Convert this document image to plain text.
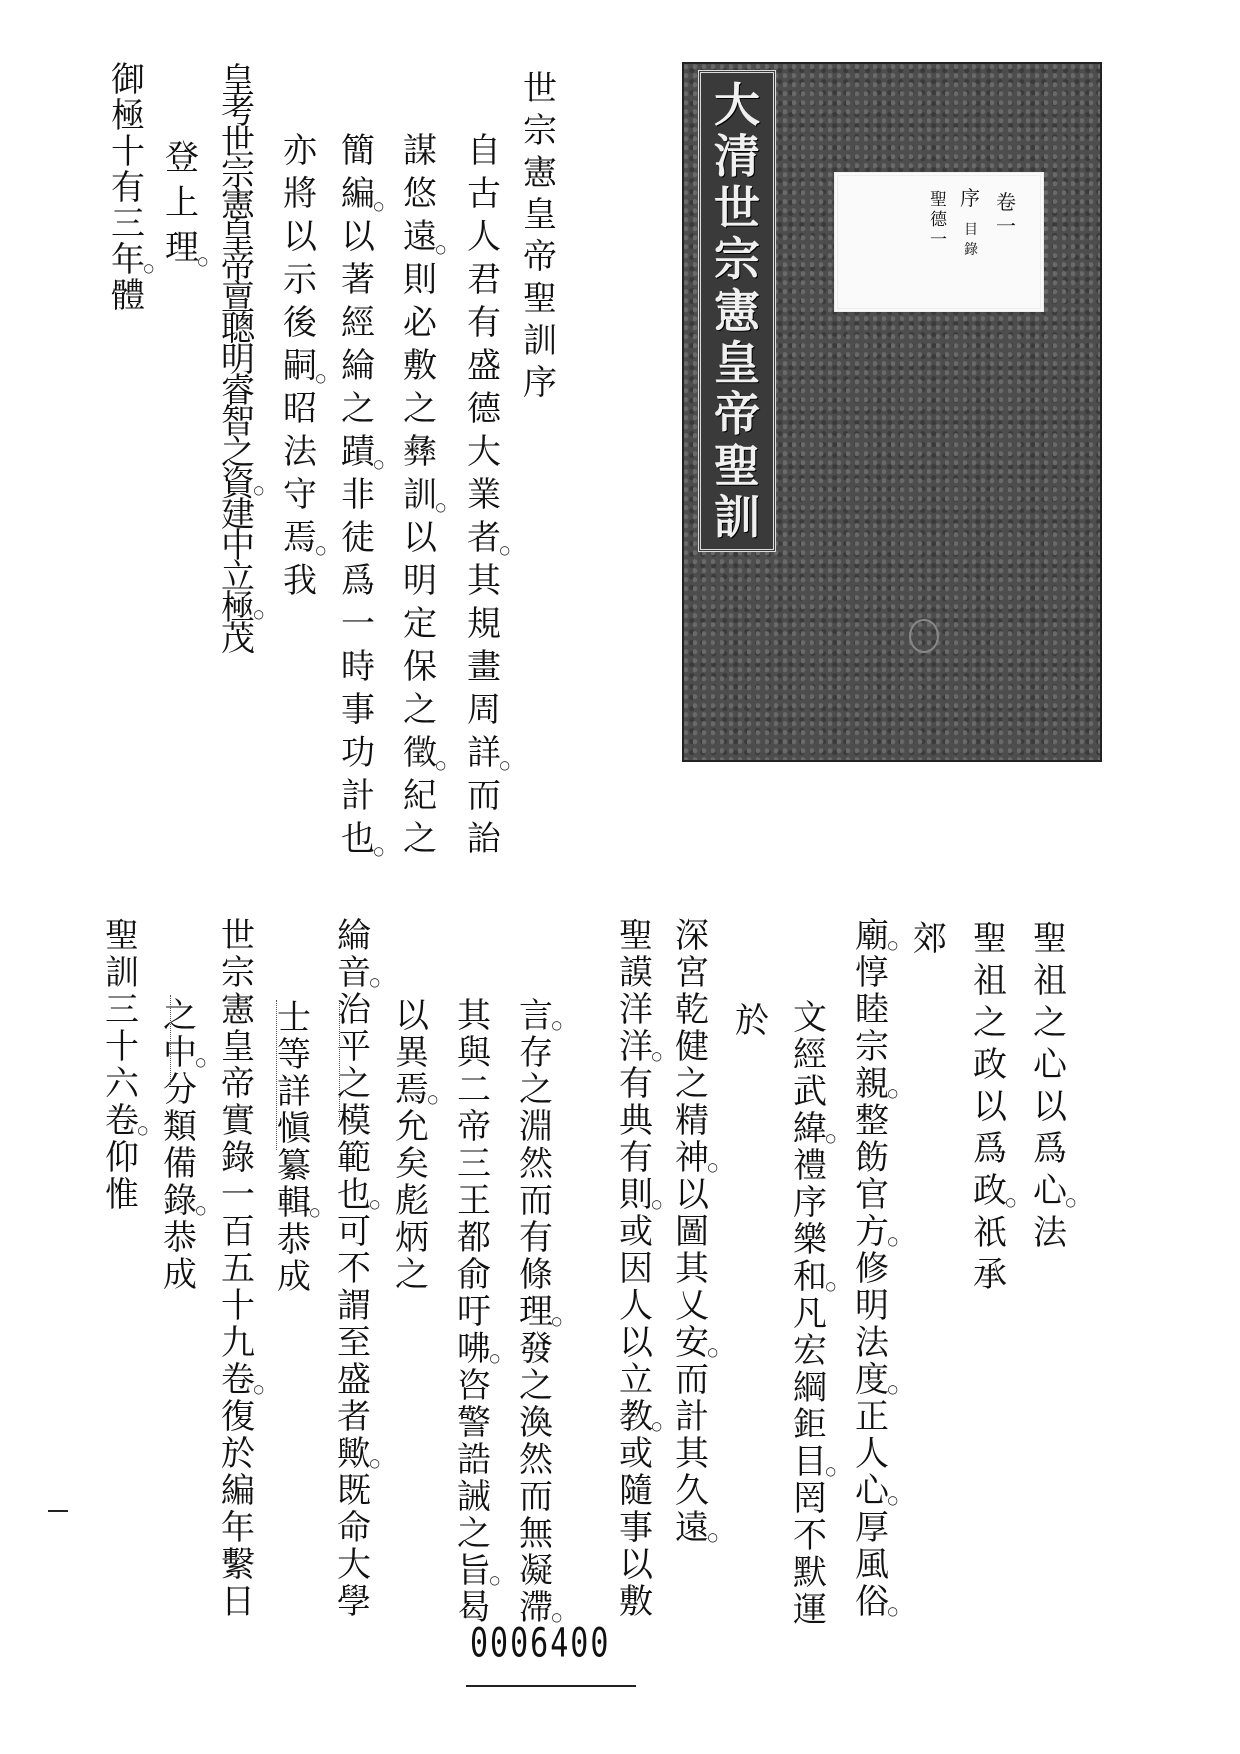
大
清
世
宗
憲
皇
帝
聖
訓
卷
一
序
目
錄
聖
德
一
世
宗
憲
皇
帝
聖
訓
序
自
古
人
君
有
盛
德
大
業
者
○
其
規
畫
周
詳
○
而
詒
謀
悠
遠
○
則
必
敷
之
彝
訓
○
以
明
定
保
之
徵
○
紀
之
簡
編
○
以
著
經
綸
之
蹟
○
非
徒
爲
一
時
事
功
計
也
○
亦
將
以
示
後
嗣
○
昭
法
守
焉
○
我
皇
考
世
宗
憲
皇
帝
亶
聰
明
睿
智
之
資
○
建
中
立
極
○
茂
登
上
理
○
御
極
十
有
三
年
○
體
聖
祖
之
心
以
爲
心
○
法
聖
祖
之
政
以
爲
政
○
祇
承
郊
廟
○
惇
睦
宗
親
○
整
飭
官
方
○
修
明
法
度
○
正
人
心
○
厚
風
俗
○
文
經
武
緯
○
禮
序
樂
和
○
凡
宏
綱
鉅
目
○
罔
不
默
運
於
深
宮
乾
健
之
精
神
○
以
圖
其
乂
安
○
而
計
其
久
遠
○
聖
謨
洋
洋
○
有
典
有
則
○
或
因
人
以
立
教
○
或
隨
事
以
敷
言
○
存
之
淵
然
而
有
條
理
○
發
之
渙
然
而
無
凝
滯
○
其
與
二
帝
三
王
都
俞
吁
咈
○
咨
警
誥
誡
之
旨
○
曷
以
異
焉
○
允
矣
彪
炳
之
綸
音
○
治
平
之
模
範
也
○
可
不
謂
至
盛
者
歟
○
既
命
大
學
士
等
詳
愼
纂
輯
○
恭
成
世
宗
憲
皇
帝
實
錄
一
百
五
十
九
卷
○
復
於
編
年
繫
日
之
中
○
分
類
備
錄
○
恭
成
聖
訓
三
十
六
卷
○
仰
惟
0006400
